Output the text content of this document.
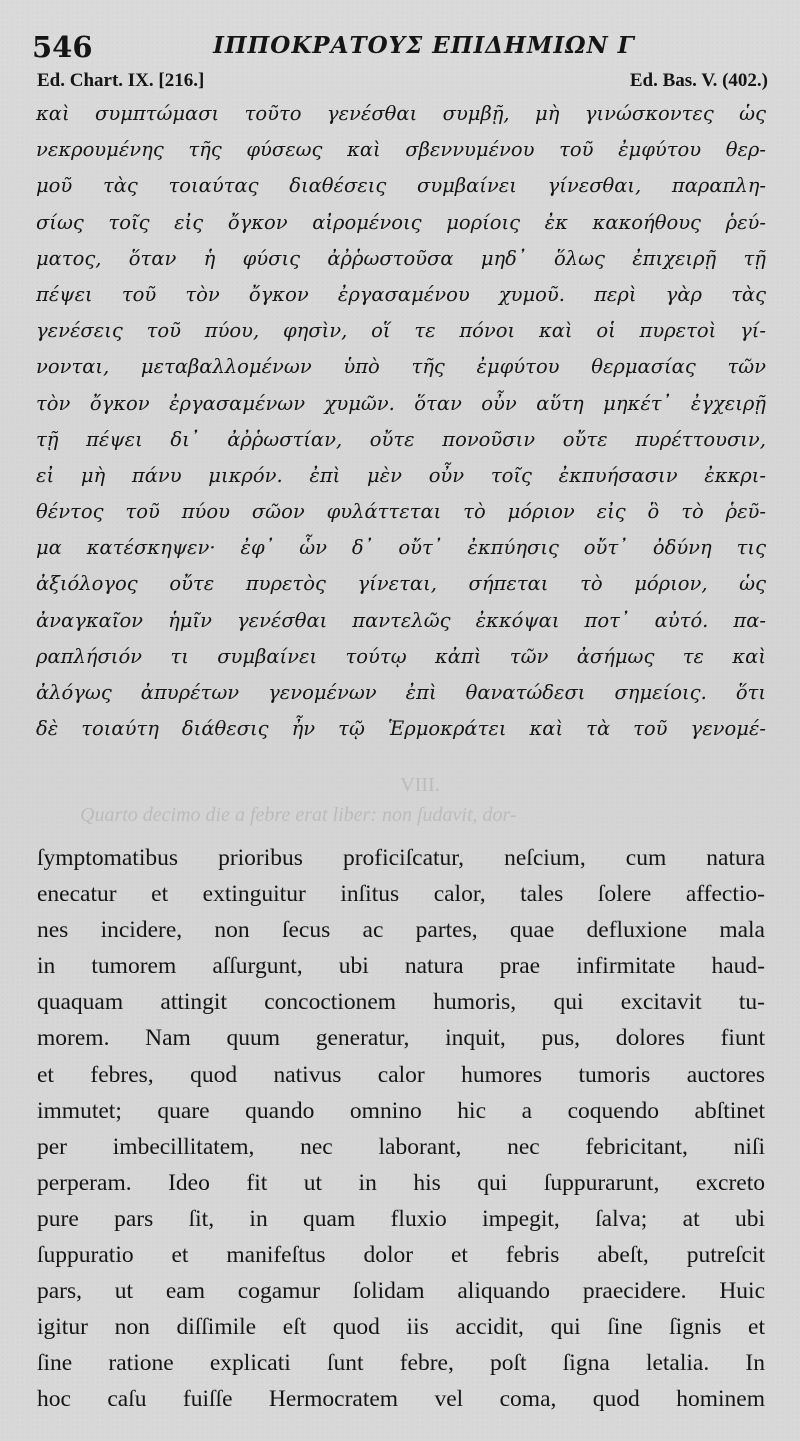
546	ΙΠΠΟΚΡΑΤΟΥΣ ΕΠΙΔΗΜΙΩΝ Γ
Ed. Chart. IX. [216.]	Ed. Bas. V. (402.)
καὶ συμπτώμασι τοῦτο γενέσθαι συμβῇ, μὴ γινώσκοντες ὡς
νεκρουμένης τῆς φύσεως καὶ σβεννυμένου τοῦ ἐμφύτου θερ-
μοῦ τὰς τοιαύτας διαθέσεις συμβαίνει γίνεσθαι, παραπλη-
σίως τοῖς εἰς ὄγκον αἰρομένοις μορίοις ἐκ κακοήθους ῥεύ-
ματος, ὅταν ἡ φύσις ἀῤῥωστοῦσα μηδ᾽ ὅλως ἐπιχειρῇ τῇ
πέψει τοῦ τὸν ὄγκον ἐργασαμένου χυμοῦ. περὶ γὰρ τὰς
γενέσεις τοῦ πύου, φησὶν, οἵ τε πόνοι καὶ οἱ πυρετοὶ γί-
νονται, μεταβαλλομένων ὑπὸ τῆς ἐμφύτου θερμασίας τῶν
τὸν ὄγκον ἐργασαμένων χυμῶν. ὅταν οὖν αὕτη μηκέτ᾽ ἐγχειρῇ
τῇ πέψει δι᾽ ἀῤῥωστίαν, οὔτε πονοῦσιν οὔτε πυρέττουσιν,
εἰ μὴ πάνυ μικρόν. ἐπὶ μὲν οὖν τοῖς ἐκπυήσασιν ἐκκρι-
θέντος τοῦ πύου σῶον φυλάττεται τὸ μόριον εἰς ὃ τὸ ῥεῦ-
μα κατέσκηψεν· ἐφ᾽ ὧν δ᾽ οὔτ᾽ ἐκπύησις οὔτ᾽ ὀδύνη τις
ἀξιόλογος οὔτε πυρετὸς γίνεται, σήπεται τὸ μόριον, ὡς
ἀναγκαῖον ἡμῖν γενέσθαι παντελῶς ἐκκόψαι ποτ᾽ αὐτό. πα-
ραπλήσιόν τι συμβαίνει τούτῳ κἀπὶ τῶν ἀσήμως τε καὶ
ἀλόγως ἀπυρέτων γενομένων ἐπὶ θανατώδεσι σημείοις. ὅτι
δὲ τοιαύτη διάθεσις ἦν τῷ Ἑρμοκράτει καὶ τὰ τοῦ γενομέ-
VIII.
Quarto decimo die a febre erat liber: non ſudavit, dor-
ſymptomatibus prioribus proficiſcatur, neſcium, cum natura
enecatur et extinguitur inſitus calor, tales ſolere affectio-
nes incidere, non ſecus ac partes, quae defluxione mala
in tumorem aſſurgunt, ubi natura prae infirmitate haud-
quaquam attingit concoctionem humoris, qui excitavit tu-
morem. Nam quum generatur, inquit, pus, dolores fiunt
et febres, quod nativus calor humores tumoris auctores
immutet; quare quando omnino hic a coquendo abſtinet
per imbecillitatem, nec laborant, nec febricitant, niſi
perperam. Ideo fit ut in his qui ſuppurarunt, excreto
pure pars ſit, in quam fluxio impegit, ſalva; at ubi
ſuppuratio et manifeſtus dolor et febris abeſt, putreſcit
pars, ut eam cogamur ſolidam aliquando praecidere. Huic
igitur non diſſimile eſt quod iis accidit, qui ſine ſignis et
ſine ratione explicati ſunt febre, poſt ſigna letalia. In
hoc caſu fuiſſe Hermocratem vel coma, quod hominem
